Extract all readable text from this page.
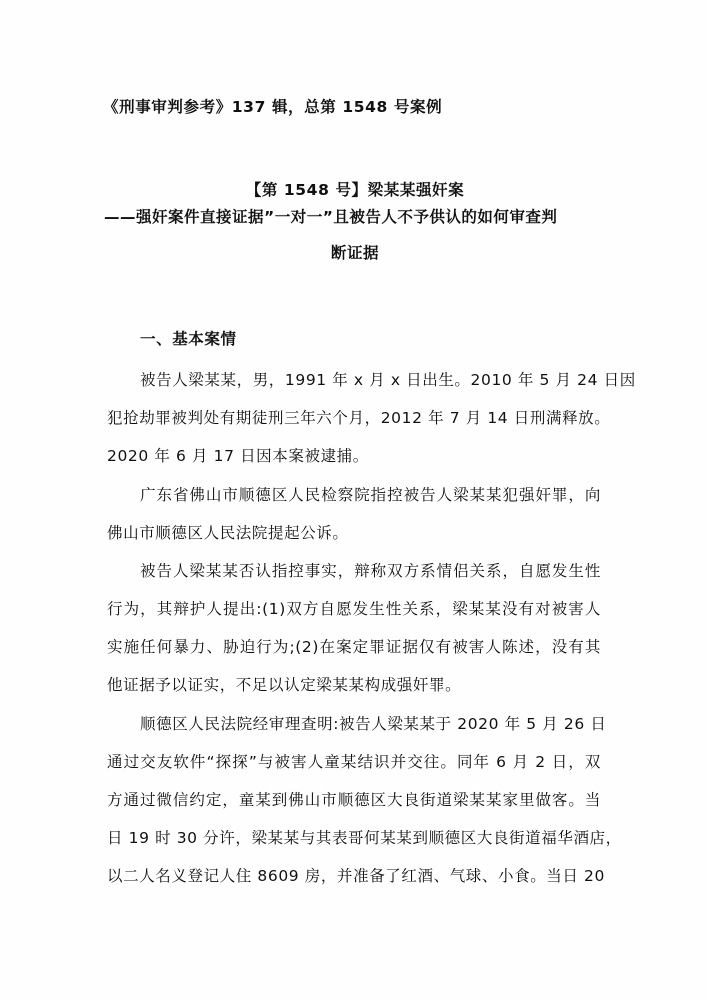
《刑事审判参考》137 辑，总第 1548 号案例
【第 1548 号】梁某某强奸案
——强奸案件直接证据”一对一”且被告人不予供认的如何审查判
断证据
一、基本案情
被告人梁某某，男，1991 年 x 月 x 日出生。2010 年 5 月 24 日因
犯抢劫罪被判处有期徒刑三年六个月，2012 年 7 月 14 日刑满释放。
2020 年 6 月 17 日因本案被逮捕。
广东省佛山市顺德区人民检察院指控被告人梁某某犯强奸罪，向
佛山市顺德区人民法院提起公诉。
被告人梁某某否认指控事实，辩称双方系情侣关系，自愿发生性
行为，其辩护人提出:(1)双方自愿发生性关系，梁某某没有对被害人
实施任何暴力、胁迫行为;(2)在案定罪证据仅有被害人陈述，没有其
他证据予以证实，不足以认定梁某某构成强奸罪。
顺德区人民法院经审理查明:被告人梁某某于 2020 年 5 月 26 日
通过交友软件“探探”与被害人童某结识并交往。同年 6 月 2 日，双
方通过微信约定，童某到佛山市顺德区大良街道梁某某家里做客。当
日 19 时 30 分许，梁某某与其表哥何某某到顺德区大良街道福华酒店，
以二人名义登记人住 8609 房，并准备了红酒、气球、小食。当日 20
